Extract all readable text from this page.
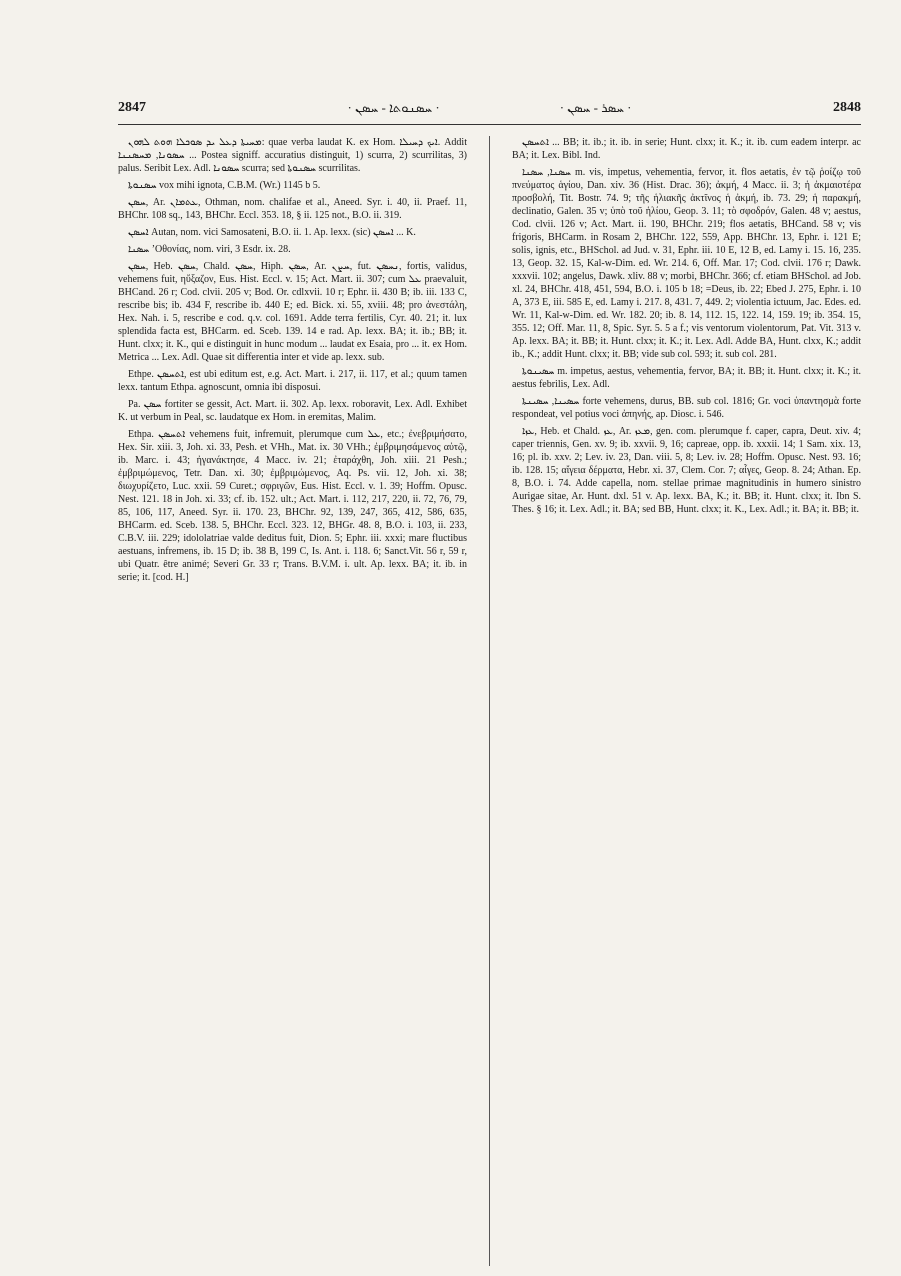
2847	· ܚܣܢܘܬܐ - ܚܣܢ ·	· ܚܣܪ - ܚܣܢ ·	2848

ܡܚܝܬܐ ܕܥܠ ܝܕ ܣܘܟܠܐ ܗܘܬ ܠܗܘܢ: quae verba laudat K. ex Hom. ܐܝܟ ܕܚܝܠܐ. Addit ܚܣܘܢܐ, ܡܚܣܢܢܐ ... Postea signiff. accuratius distinguit, 1) scurra, 2) scurrilitas, 3) palus. Seribit Lex. Adl. ܚܣܘܢܐ scurra; sed ܚܣܢܘܬܐ scurrilitas.

ܚܣܢܘܬܐ vox mihi ignota, C.B.M. (Wr.) 1145 b 5.

ܚܣܢ, Ar. ܥܬܡܐܢ, Othman, nom. chalifae et al., Aneed. Syr. i. 40, ii. Praef. 11, BHChr. 108 sq., 143, BHChr. Eccl. 353. 18, § ii. 125 not., B.O. ii. 319.

ܐܚܣܢ Autan, nom. vici Samosateni, B.O. ii. 1. Ap. lexx. (sic) ܐܚܣܢ ... K.

ܚܣܢܐ ʼΟθονίας, nom. viri, 3 Esdr. ix. 28.

ܚܣܢ, Heb. ܚܣܢ, Chald. ܚܣܢ, Hiph. ܚܣܢ, Ar. ܚܨܢ, fut. ܢܚܣܢ, fortis, validus, vehemens fuit, ηὔξαζον, Eus. Hist. Eccl. v. 15; Act. Mart. ii. 307; cum ܥܠ praevaluit, BHCand. 26 r; Cod. clvii. 205 v; Bod. Or. cdlxvii. 10 r; Ephr. ii. 430 B; ib. iii. 133 C, rescribe bis; ib. 434 F, rescribe ib. 440 E; ed. Bick. xi. 55, xviii. 48; pro ἀνεστάλη, Hex. Nah. i. 5, rescribe e cod. q.v. col. 1691. Adde terra fertilis, Cyr. 40. 21; it. lux splendida facta est, BHCarm. ed. Sceb. 139. 14 e rad. Ap. lexx. BA; it. ib.; BB; it. Hunt. clxx; it. K., qui e distinguit in hunc modum ... laudat ex Esaia, pro ... it. ex Hom. Metrica ... Lex. Adl. Quae sit differentia inter et vide ap. lexx. sub.

Ethpe. ܐܬܚܣܢ, est ubi editum est, e.g. Act. Mart. i. 217, ii. 117, et al.; quum tamen lexx. tantum Ethpa. agnoscunt, omnia ibi disposui.

Pa. ܚܣܢ fortiter se gessit, Act. Mart. ii. 302. Ap. lexx. roboravit, Lex. Adl. Exhibet K. ut verbum in Peal, sc. laudatque ex Hom. in eremitas, Malim.

Ethpa. ܐܬܚܣܢ vehemens fuit, infremuit, plerumque cum ܥܠ, etc.; ἐνεβριμήσατο, Hex. Sir. xiii. 3, Joh. xi. 33, Pesh. et VHh., Mat. ix. 30 VHh.; ἐμβριμησάμενος αὐτῷ, ib. Marc. i. 43; ἠγανάκτησε, 4 Macc. iv. 21; ἐταράχθη, Joh. xiii. 21 Pesh.; ἐμβριμώμενος, Tetr. Dan. xi. 30; ἐμβριμώμενος, Aq. Ps. vii. 12, Joh. xi. 38; διωχυρίζετο, Luc. xxii. 59 Curet.; σφριγῶν, Eus. Hist. Eccl. v. 1. 39; Hoffm. Opusc. Nest. 121. 18 in Joh. xi. 33; cf. ib. 152. ult.; Act. Mart. i. 112, 217, 220, ii. 72, 76, 79, 85, 106, 117, Aneed. Syr. ii. 170. 23, BHChr. 92, 139, 247, 365, 412, 586, 635, BHCarm. ed. Sceb. 138. 5, BHChr. Eccl. 323. 12, BHGr. 48. 8, B.O. i. 103, ii. 233, C.B.V. iii. 229; idololatriae valde deditus fuit, Dion. 5; Ephr. iii. xxxi; mare fluctibus aestuans, infremens, ib. 15 D; ib. 38 B, 199 C, Is. Ant. i. 118. 6; Sanct.Vit. 56 r, 59 r, ubi Quatr. être animé; Severi Gr. 33 r; Trans. B.V.M. i. ult. Ap. lexx. BA; it. ib. in serie; it. [cod. H.]

ܐܬܚܣܢ ... BB; it. ib.; it. ib. in serie; Hunt. clxx; it. K.; it. ib. cum eadem interpr. ac BA; it. Lex. Bibl. Ind.

ܚܣܢܐ, ܚܣܢܐ m. vis, impetus, vehementia, fervor, it. flos aetatis, ἐν τῷ ῥοίζῳ τοῦ πνεύματος ἁγίου, Dan. xiv. 36 (Hist. Drac. 36); ἀκμή, 4 Macc. ii. 3; ἡ ἀκμαιοτέρα προσβολή, Tit. Bostr. 74. 9; τῆς ἡλιακῆς ἀκτῖνος ἡ ἀκμή, ib. 73. 29; ἡ παρακμή, declinatio, Galen. 35 v; ὑπὸ τοῦ ἡλίου, Geop. 3. 11; τὸ σφοδρόν, Galen. 48 v; aestus, Cod. clvii. 126 v; Act. Mart. ii. 190, BHChr. 219; flos aetatis, BHCand. 58 v; vis frigoris, BHCarm. in Rosam 2, BHChr. 122, 559, App. BHChr. 13, Ephr. i. 121 E; solis, ignis, etc., BHSchol. ad Jud. v. 31, Ephr. iii. 10 E, 12 B, ed. Lamy i. 15. 16, 235. 13, Geop. 32. 15, Kal-w-Dim. ed. Wr. 214. 6, Off. Mar. 17; Cod. clvii. 176 r; Dawk. xxxvii. 102; angelus, Dawk. xliv. 88 v; morbi, BHChr. 366; cf. etiam BHSchol. ad Job. xl. 24, BHChr. 418, 451, 594, B.O. i. 105 b 18; =Deus, ib. 22; Ebed J. 275, Ephr. i. 10 A, 373 E, iii. 585 E, ed. Lamy i. 217. 8, 431. 7, 449. 2; violentia ictuum, Jac. Edes. ed. Wr. 11, Kal-w-Dim. ed. Wr. 182. 20; ib. 8. 14, 112. 15, 122. 14, 159. 19; ib. 354. 15, 355. 12; Off. Mar. 11, 8, Spic. Syr. 5. 5 a f.; vis ventorum violentorum, Pat. Vit. 313 v. Ap. lexx. BA; it. BB; it. Hunt. clxx; it. K.; it. Lex. Adl. Adde BA, Hunt. clxx, K.; addit ib., K.; addit Hunt. clxx; it. BB; vide sub col. 593; it. sub col. 281.

ܚܣܝܢܘܬܐ m. impetus, aestus, vehementia, fervor, BA; it. BB; it. Hunt. clxx; it. K.; it. aestus febrilis, Lex. Adl.

ܚܣܝܢܐ, ܚܣܝܢܬܐ forte vehemens, durus, BB. sub col. 1816; Gr. voci ὑπαντησμὰ forte respondeat, vel potius voci ἀπηνής, ap. Diosc. i. 546.

ܥܙܐ, Heb. et Chald. ܥܙ, Ar. ܡܥܙ, gen. com. plerumque f. caper, capra, Deut. xiv. 4; caper triennis, Gen. xv. 9; ib. xxvii. 9, 16; capreae, opp. ib. xxxii. 14; 1 Sam. xix. 13, 16; pl. ib. xxv. 2; Lev. iv. 23, Dan. viii. 5, 8; Lev. iv. 28; Hoffm. Opusc. Nest. 93. 16; ib. 128. 15; αἴγεια δέρματα, Hebr. xi. 37, Clem. Cor. 7; αἶγες, Geop. 8. 24; Athan. Ep. 8, B.O. i. 74. Adde capella, nom. stellae primae magnitudinis in humero sinistro Aurigae sitae, Ar. Hunt. dxl. 51 v. Ap. lexx. BA, K.; it. BB; it. Hunt. clxx; it. Ibn S. Thes. § 16; it. Lex. Adl.; it. BA; sed BB, Hunt. clxx; it. K., Lex. Adl.; it. BA; it. BB; it.
